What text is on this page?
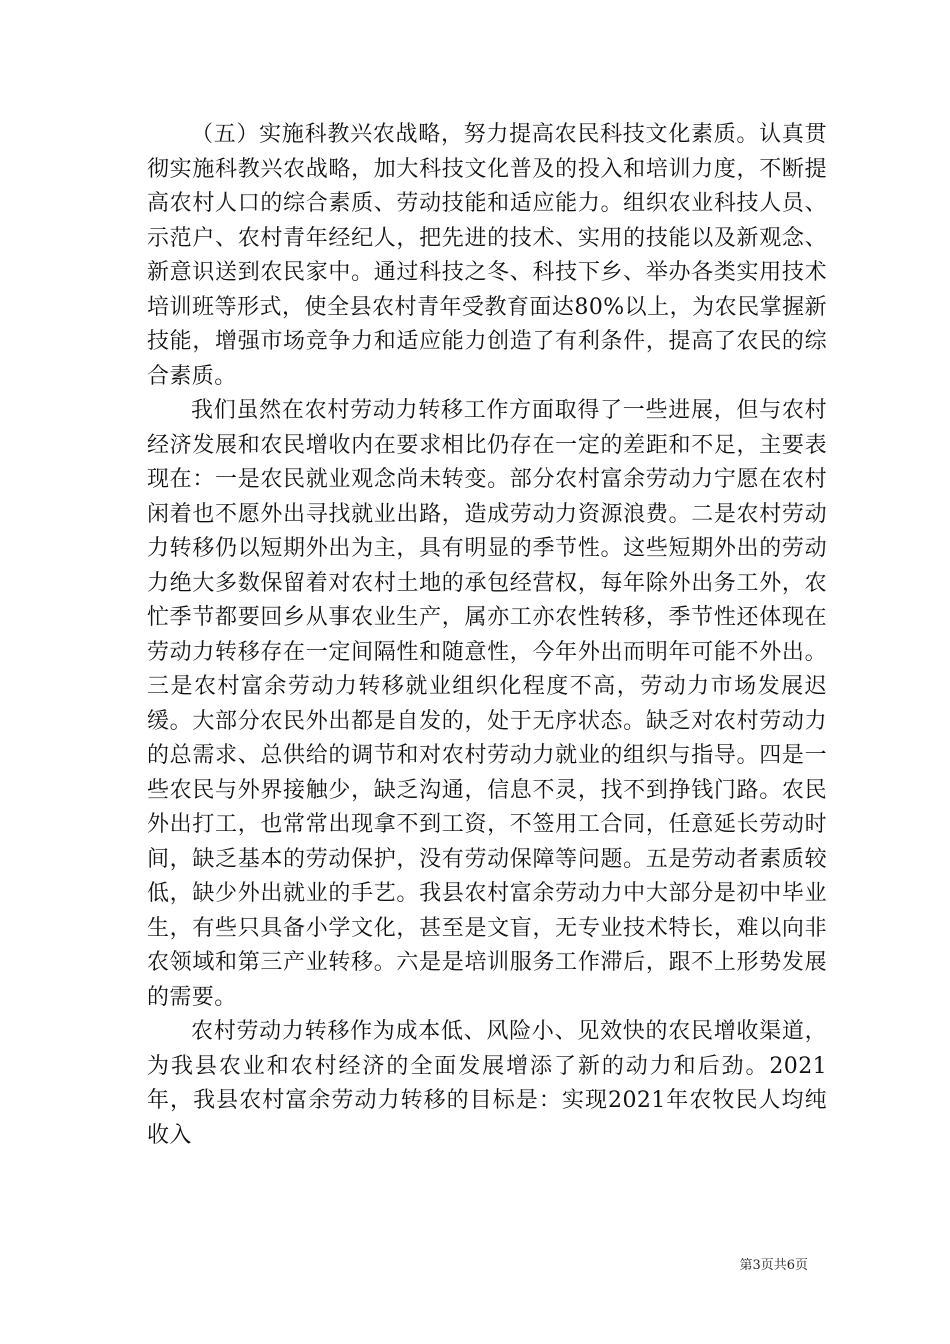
（五）实施科教兴农战略，努力提高农民科技文化素质。认真贯彻实施科教兴农战略，加大科技文化普及的投入和培训力度，不断提高农村人口的综合素质、劳动技能和适应能力。组织农业科技人员、示范户、农村青年经纪人，把先进的技术、实用的技能以及新观念、新意识送到农民家中。通过科技之冬、科技下乡、举办各类实用技术培训班等形式，使全县农村青年受教育面达80%以上，为农民掌握新技能，增强市场竞争力和适应能力创造了有利条件，提高了农民的综合素质。

我们虽然在农村劳动力转移工作方面取得了一些进展，但与农村经济发展和农民增收内在要求相比仍存在一定的差距和不足，主要表现在：一是农民就业观念尚未转变。部分农村富余劳动力宁愿在农村闲着也不愿外出寻找就业出路，造成劳动力资源浪费。二是农村劳动力转移仍以短期外出为主，具有明显的季节性。这些短期外出的劳动力绝大多数保留着对农村土地的承包经营权，每年除外出务工外，农忙季节都要回乡从事农业生产，属亦工亦农性转移，季节性还体现在劳动力转移存在一定间隔性和随意性，今年外出而明年可能不外出。三是农村富余劳动力转移就业组织化程度不高，劳动力市场发展迟缓。大部分农民外出都是自发的，处于无序状态。缺乏对农村劳动力的总需求、总供给的调节和对农村劳动力就业的组织与指导。四是一些农民与外界接触少，缺乏沟通，信息不灵，找不到挣钱门路。农民外出打工，也常常出现拿不到工资，不签用工合同，任意延长劳动时间，缺乏基本的劳动保护，没有劳动保障等问题。五是劳动者素质较低，缺少外出就业的手艺。我县农村富余劳动力中大部分是初中毕业生，有些只具备小学文化，甚至是文盲，无专业技术特长，难以向非农领域和第三产业转移。六是是培训服务工作滞后，跟不上形势发展的需要。

农村劳动力转移作为成本低、风险小、见效快的农民增收渠道，为我县农业和农村经济的全面发展增添了新的动力和后劲。2021年，我县农村富余劳动力转移的目标是：实现2021年农牧民人均纯收入

第3页共6页
